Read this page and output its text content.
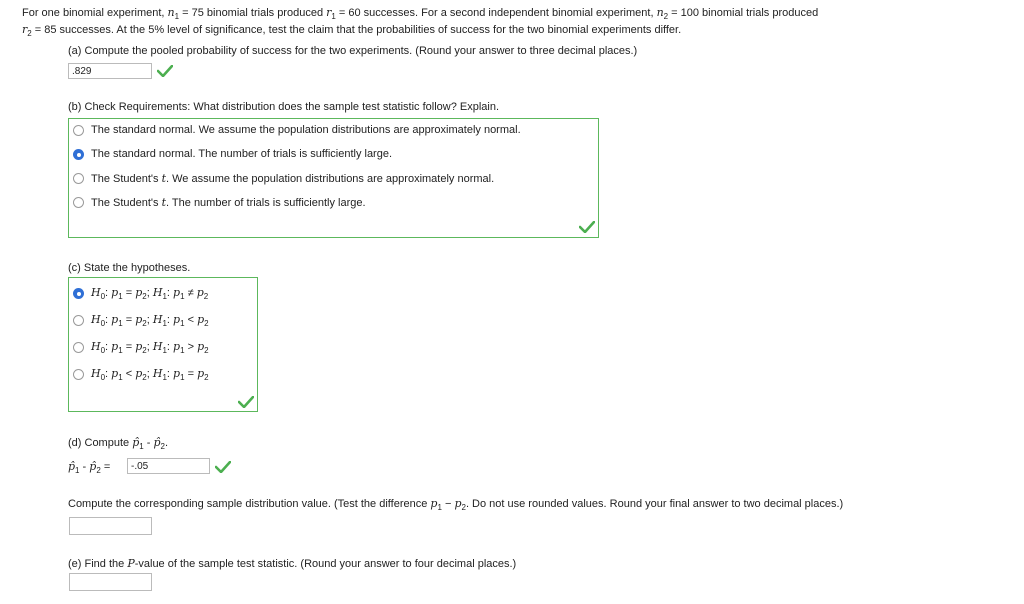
For one binomial experiment, $n_1 = 75$ binomial trials produced $r_1 = 60$ successes. For a second independent binomial experiment, $n_2 = 100$ binomial trials produced
$r_2 = 85$ successes. At the 5% level of significance, test the claim that the probabilities of success for the two binomial experiments differ.
(a) Compute the pooled probability of success for the two experiments. (Round your answer to three decimal places.)
.829
(b) Check Requirements: What distribution does the sample test statistic follow? Explain.
The standard normal. We assume the population distributions are approximately normal.
The standard normal. The number of trials is sufficiently large.
The Student's t. We assume the population distributions are approximately normal.
The Student's t. The number of trials is sufficiently large.
(c) State the hypotheses.
$H_0$: $p_1 = p_2$; $H_1$: $p_1 \ne p_2$
$H_0$: $p_1 = p_2$; $H_1$: $p_1 < p_2$
$H_0$: $p_1 = p_2$; $H_1$: $p_1 > p_2$
$H_0$: $p_1 < p_2$; $H_1$: $p_1 = p_2$
(d) Compute $p̂_1$ - $p̂_2$.
$p̂_1$ - $p̂_2$ =	-.05
Compute the corresponding sample distribution value. (Test the difference $p_1 - p_2$. Do not use rounded values. Round your final answer to two decimal places.)
(e) Find the P-value of the sample test statistic. (Round your answer to four decimal places.)
